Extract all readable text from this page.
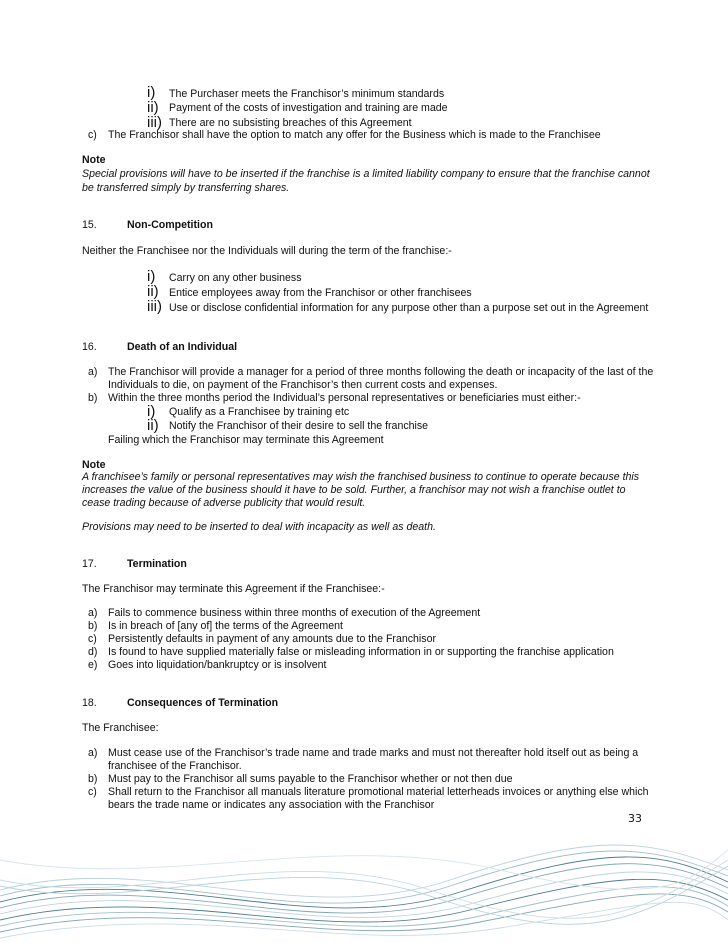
i) The Purchaser meets the Franchisor’s minimum standards
ii) Payment of the costs of investigation and training are made
iii) There are no subsisting breaches of this Agreement
c) The Franchisor shall have the option to match any offer for the Business which is made to the Franchisee
Note
Special provisions will have to be inserted if the franchise is a limited liability company to ensure that the franchise cannot
be transferred simply by transferring shares.
15.	Non-Competition
Neither the Franchisee nor the Individuals will during the term of the franchise:-
i) Carry on any other business
ii) Entice employees away from the Franchisor or other franchisees
iii) Use or disclose confidential information for any purpose other than a purpose set out in the Agreement
16.	Death of an Individual
a) The Franchisor will provide a manager for a period of three months following the death or incapacity of the last of the
Individuals to die, on payment of the Franchisor’s then current costs and expenses.
b) Within the three months period the Individual’s personal representatives or beneficiaries must either:-
i) Qualify as a Franchisee by training etc
ii) Notify the Franchisor of their desire to sell the franchise
Failing which the Franchisor may terminate this Agreement
Note
A franchisee’s family or personal representatives may wish the franchised business to continue to operate because this
increases the value of the business should it have to be sold. Further, a franchisor may not wish a franchise outlet to
cease trading because of adverse publicity that would result.
Provisions may need to be inserted to deal with incapacity as well as death.
17.	Termination
The Franchisor may terminate this Agreement if the Franchisee:-
a) Fails to commence business within three months of execution of the Agreement
b) Is in breach of [any of] the terms of the Agreement
c) Persistently defaults in payment of any amounts due to the Franchisor
d) Is found to have supplied materially false or misleading information in or supporting the franchise application
e) Goes into liquidation/bankruptcy or is insolvent
18.	Consequences of Termination
The Franchisee:
a) Must cease use of the Franchisor’s trade name and trade marks and must not thereafter hold itself out as being a
franchisee of the Franchisor.
b) Must pay to the Franchisor all sums payable to the Franchisor whether or not then due
c) Shall return to the Franchisor all manuals literature promotional material letterheads invoices or anything else which
bears the trade name or indicates any association with the Franchisor
33
